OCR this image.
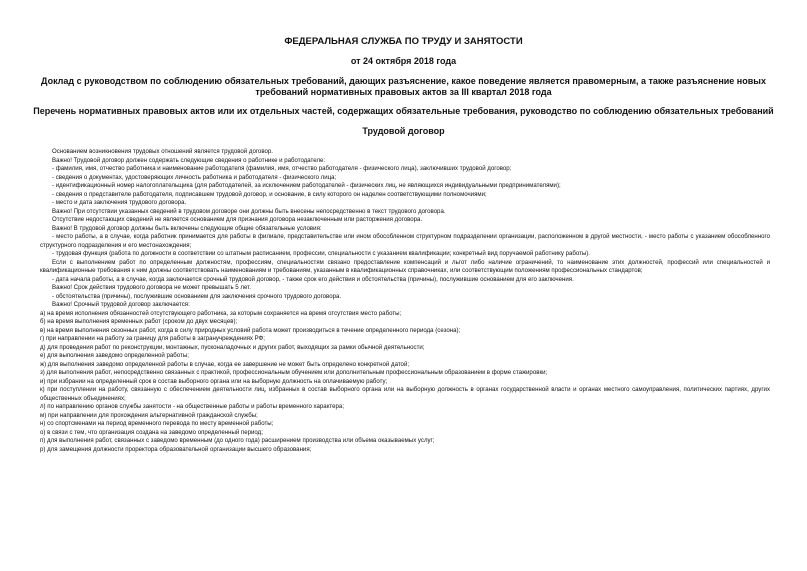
ФЕДЕРАЛЬНАЯ СЛУЖБА ПО ТРУДУ И ЗАНЯТОСТИ
от 24 октября 2018 года
Доклад с руководством по соблюдению обязательных требований, дающих разъяснение, какое поведение является правомерным, а также разъяснение новых требований нормативных правовых актов за III квартал 2018 года
Перечень нормативных правовых актов или их отдельных частей, содержащих обязательные требования, руководство по соблюдению обязательных требований
Трудовой договор

Основанием возникновения трудовых отношений является трудовой договор.

Важно! Трудовой договор должен содержать следующие сведения о работнике и работодателе:

- фамилия, имя, отчество работника и наименование работодателя (фамилия, имя, отчество работодателя - физического лица), заключивших трудовой договор;

- сведения о документах, удостоверяющих личность работника и работодателя - физического лица;

- идентификационный номер налогоплательщика (для работодателей, за исключением работодателей - физических лиц, не являющихся индивидуальными предпринимателями);

- сведения о представителе работодателя, подписавшем трудовой договор, и основание, в силу которого он наделен соответствующими полномочиями;

- место и дата заключения трудового договора.

Важно! При отсутствии указанных сведений в трудовом договоре они должны быть внесены непосредственно в текст трудового договора.

Отсутствие недостающих сведений не является основанием для признания договора незаключенным или расторжения договора.

Важно! В трудовой договор должны быть включены следующие общие обязательные условия:

- место работы, а в случае, когда работник принимается для работы в филиале, представительстве или ином обособленном структурном подразделении организации, расположенном в другой местности, - место работы с указанием обособленного структурного подразделения и его местонахождения;

- трудовая функция (работа по должности в соответствии со штатным расписанием, профессии, специальности с указанием квалификации; конкретный вид поручаемой работнику работы).

Если с выполнением работ по определенным должностям, профессиям, специальностям связано предоставление компенсаций и льгот либо наличие ограничений, то наименование этих должностей, профессий или специальностей и квалификационные требования к ним должны соответствовать наименованиям и требованиям, указанным в квалификационных справочниках, или соответствующим положениям профессиональных стандартов;

- дата начала работы, а в случае, когда заключается срочный трудовой договор, - также срок его действия и обстоятельства (причины), послужившие основанием для его заключения.

Важно! Срок действия трудового договора не может превышать 5 лет.

- обстоятельства (причины), послужившие основанием для заключения срочного трудового договора.

Важно! Срочный трудовой договор заключается:

а) на время исполнения обязанностей отсутствующего работника, за которым сохраняется на время отсутствия место работы;

б) на время выполнения временных работ (сроком до двух месяцев);

в) на время выполнения сезонных работ, когда в силу природных условий работа может производиться в течение определенного периода (сезона);

г) при направлении на работу за границу для работы в загранучреждениях РФ;

д) для проведения работ по реконструкции, монтажных, пусконаладочных и других работ, выходящих за рамки обычной деятельности;

е) для выполнения заведомо определенной работы;

ж) для выполнения заведомо определенной работы в случае, когда ее завершение не может быть определено конкретной датой;

з) для выполнения работ, непосредственно связанных с практикой, профессиональным обучением или дополнительным профессиональным образованием в форме стажировки;

и) при избрании на определенный срок в состав выборного органа или на выборную должность на оплачиваемую работу;

к) при поступлении на работу, связанную с обеспечением деятельности лиц, избранных в состав выборного органа или на выборную должность в органах государственной власти и органах местного самоуправления, политических партиях, других общественных объединениях;

л) по направлению органов службы занятости - на общественные работы и работы временного характера;

м) при направлении для прохождения альтернативной гражданской службы;

н) со спортсменами на период временного перевода по месту временной работы;

о) в связи с тем, что организация создана на заведомо определенный период;

п) для выполнения работ, связанных с заведомо временным (до одного года) расширением производства или объема оказываемых услуг;

р) для замещения должности проректора образовательной организации высшего образования;
